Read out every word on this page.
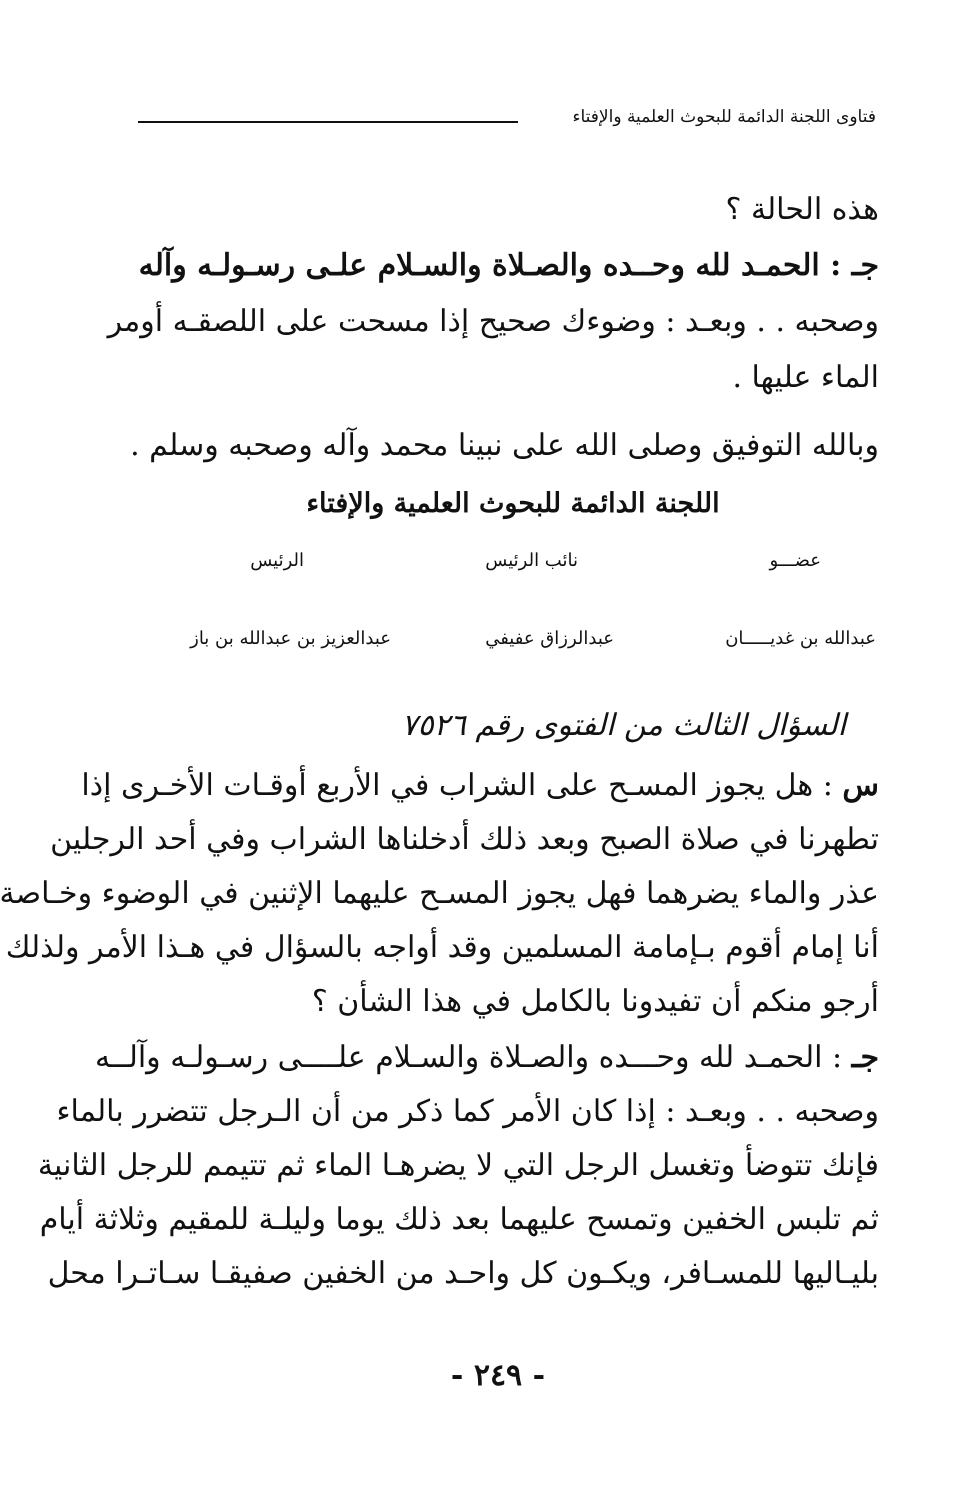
فتاوى اللجنة الدائمة للبحوث العلمية والإفتاء
هذه الحالة ؟
جـ : الحمـد لله وحــده والصـلاة والسـلام علـى رسـولـه وآله
وصحبه . . وبعـد : وضوءك صحيح إذا مسحت على اللصقـه أومر
الماء عليها .
وبالله التوفيق وصلى الله على نبينا محمد وآله وصحبه وسلم .
اللجنة الدائمة للبحوث العلمية والإفتاء
عضـــو
نائب الرئيس
الرئيس
عبدالله بن غديـــــان
عبدالرزاق عفيفي
عبدالعزيز بن عبدالله بن باز
السؤال الثالث من الفتوى رقم ٧٥٢٦
س : هل يجوز المسـح على الشراب في الأربع أوقـات الأخـرى إذا
تطهرنا في صلاة الصبح وبعد ذلك أدخلناها الشراب وفي أحد الرجلين
عذر والماء يضرهما فهل يجوز المسـح عليهما الإثنين في الوضوء وخـاصة
أنا إمام أقوم بـإمامة المسلمين وقد أواجه بالسؤال في هـذا الأمر ولذلك
أرجو منكم أن تفيدونا بالكامل في هذا الشأن ؟
جـ : الحمـد لله وحـــده والصـلاة والسـلام علــــى رسـولـه وآلــه
وصحبه . . وبعـد : إذا كان الأمر كما ذكر من أن الـرجل تتضرر بالماء
فإنك تتوضأ وتغسل الرجل التي لا يضرهـا الماء ثم تتيمم للرجل الثانية
ثم تلبس الخفين وتمسح عليهما بعد ذلك يوما وليلـة للمقيم وثلاثة أيام
بليـاليها للمسـافر، ويكـون كل واحـد من الخفين صفيقـا سـاتـرا محل
- ٢٤٩ -
